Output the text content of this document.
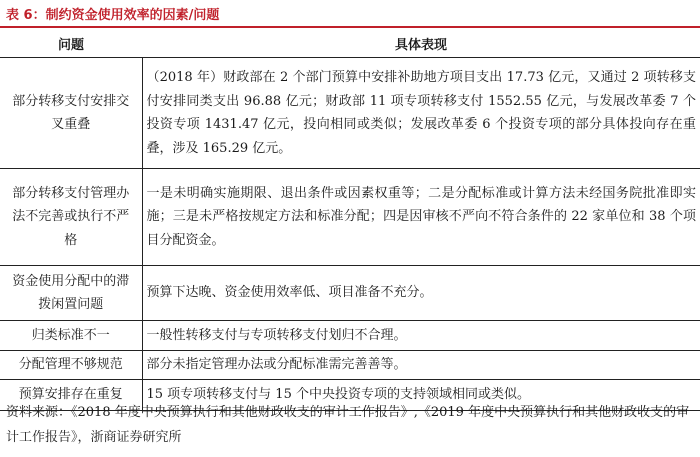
表 6：制约资金使用效率的因素/问题
问题	具体表现
部分转移支付安排交叉重叠	（2018 年）财政部在 2 个部门预算中安排补助地方项目支出 17.73 亿元，又通过 2 项转移支付安排同类支出 96.88 亿元；财政部 11 项专项转移支付 1552.55 亿元，与发展改革委 7 个投资专项 1431.47 亿元，投向相同或类似；发展改革委 6 个投资专项的部分具体投向存在重叠，涉及 165.29 亿元。
部分转移支付管理办法不完善或执行不严格	一是未明确实施期限、退出条件或因素权重等；二是分配标准或计算方法未经国务院批准即实施；三是未严格按规定方法和标准分配；四是因审核不严向不符合条件的 22 家单位和 38 个项目分配资金。
资金使用分配中的滞拨闲置问题	预算下达晚、资金使用效率低、项目准备不充分。
归类标准不一	一般性转移支付与专项转移支付划归不合理。
分配管理不够规范	部分未指定管理办法或分配标准需完善善等。
预算安排存在重复	15 项专项转移支付与 15 个中央投资专项的支持领域相同或类似。
资料来源：《2018 年度中央预算执行和其他财政收支的审计工作报告》,《2019 年度中央预算执行和其他财政收支的审计工作报告》，浙商证券研究所
